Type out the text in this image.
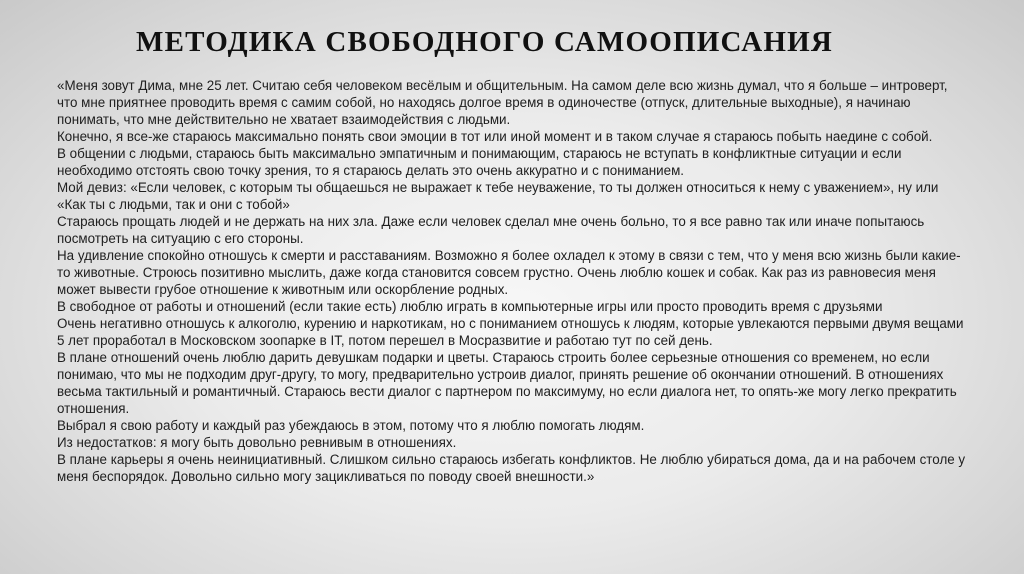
МЕТОДИКА СВОБОДНОГО САМООПИСАНИЯ

«Меня зовут Дима, мне 25 лет. Считаю себя человеком весёлым и общительным. На самом деле всю жизнь думал, что я больше – интроверт, что мне приятнее проводить время с самим собой, но находясь долгое время в одиночестве (отпуск, длительные выходные), я начинаю понимать, что мне действительно не хватает взаимодействия с людьми.

Конечно, я все-же стараюсь максимально понять свои эмоции в тот или иной момент и в таком случае я стараюсь побыть наедине с собой.

В общении с людьми, стараюсь быть максимально эмпатичным и понимающим, стараюсь не вступать в конфликтные ситуации и если необходимо отстоять свою точку зрения, то я стараюсь делать это очень аккуратно и с пониманием.

Мой девиз: «Если человек, с которым ты общаешься не выражает к тебе неуважение, то ты должен относиться к нему с уважением», ну или «Как ты с людьми, так и они с тобой»

Стараюсь прощать людей и не держать на них зла. Даже если человек сделал мне очень больно, то я все равно так или иначе попытаюсь посмотреть на ситуацию с его стороны.

На удивление спокойно отношусь к смерти и расставаниям. Возможно я более охладел к этому в связи с тем, что у меня всю жизнь были какие-то животные. Строюсь позитивно мыслить, даже когда становится совсем грустно. Очень люблю кошек и собак. Как раз из равновесия меня может вывести грубое отношение к животным или оскорбление родных.

В свободное от работы и отношений (если такие есть) люблю играть в компьютерные игры или просто проводить время с друзьями

Очень негативно отношусь к алкоголю, курению и наркотикам, но с пониманием отношусь к людям, которые увлекаются первыми двумя вещами

5 лет проработал в Московском зоопарке в IT, потом перешел в Мосразвитие и работаю тут по сей день.

В плане отношений очень люблю дарить девушкам подарки и цветы. Стараюсь строить более серьезные отношения со временем, но если понимаю, что мы не подходим друг-другу, то могу, предварительно устроив диалог, принять решение об окончании отношений. В отношениях весьма тактильный и романтичный. Стараюсь вести диалог с партнером по максимуму, но если диалога нет, то опять-же могу легко прекратить отношения.

Выбрал я свою работу и каждый раз убеждаюсь в этом, потому что я люблю помогать людям.

Из недостатков: я могу быть довольно ревнивым в отношениях.

В плане карьеры я очень неинициативный. Слишком сильно стараюсь избегать конфликтов. Не люблю убираться дома, да и на рабочем столе у меня беспорядок. Довольно сильно могу зацикливаться по поводу своей внешности.»
